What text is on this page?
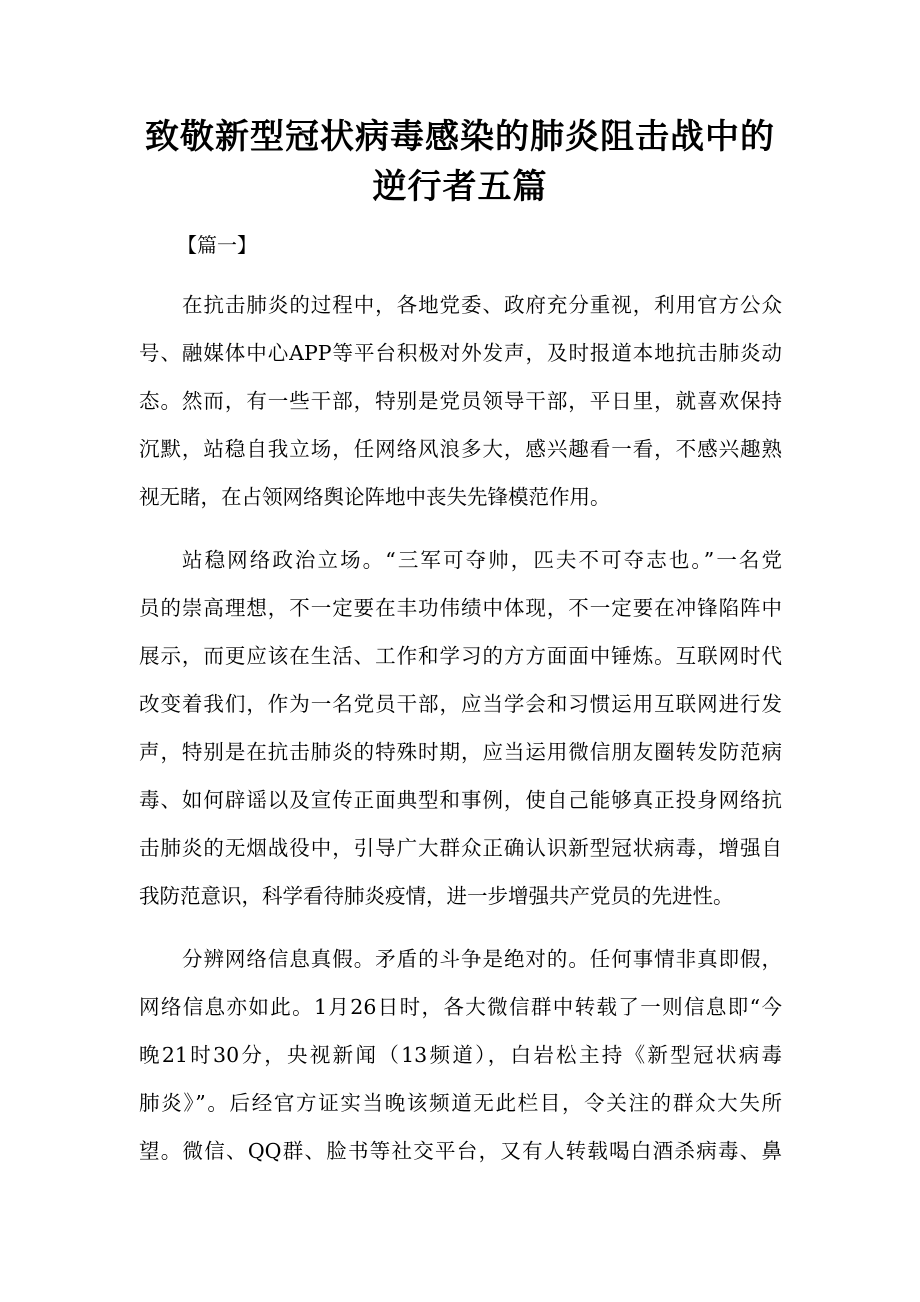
致敬新型冠状病毒感染的肺炎阻击战中的
逆行者五篇
【篇一】
在抗击肺炎的过程中，各地党委、政府充分重视，利用官方公众
号、融媒体中心APP等平台积极对外发声，及时报道本地抗击肺炎动
态。然而，有一些干部，特别是党员领导干部，平日里，就喜欢保持
沉默，站稳自我立场，任网络风浪多大，感兴趣看一看，不感兴趣熟
视无睹，在占领网络舆论阵地中丧失先锋模范作用。
站稳网络政治立场。“三军可夺帅，匹夫不可夺志也。”一名党
员的崇高理想，不一定要在丰功伟绩中体现，不一定要在冲锋陷阵中
展示，而更应该在生活、工作和学习的方方面面中锤炼。互联网时代
改变着我们，作为一名党员干部，应当学会和习惯运用互联网进行发
声，特别是在抗击肺炎的特殊时期，应当运用微信朋友圈转发防范病
毒、如何辟谣以及宣传正面典型和事例，使自己能够真正投身网络抗
击肺炎的无烟战役中，引导广大群众正确认识新型冠状病毒，增强自
我防范意识，科学看待肺炎疫情，进一步增强共产党员的先进性。
分辨网络信息真假。矛盾的斗争是绝对的。任何事情非真即假，
网络信息亦如此。1月26日时，各大微信群中转载了一则信息即“今
晚21时30分，央视新闻（13频道），白岩松主持《新型冠状病毒
肺炎》”。后经官方证实当晚该频道无此栏目，令关注的群众大失所
望。微信、QQ群、脸书等社交平台，又有人转载喝白酒杀病毒、鼻
